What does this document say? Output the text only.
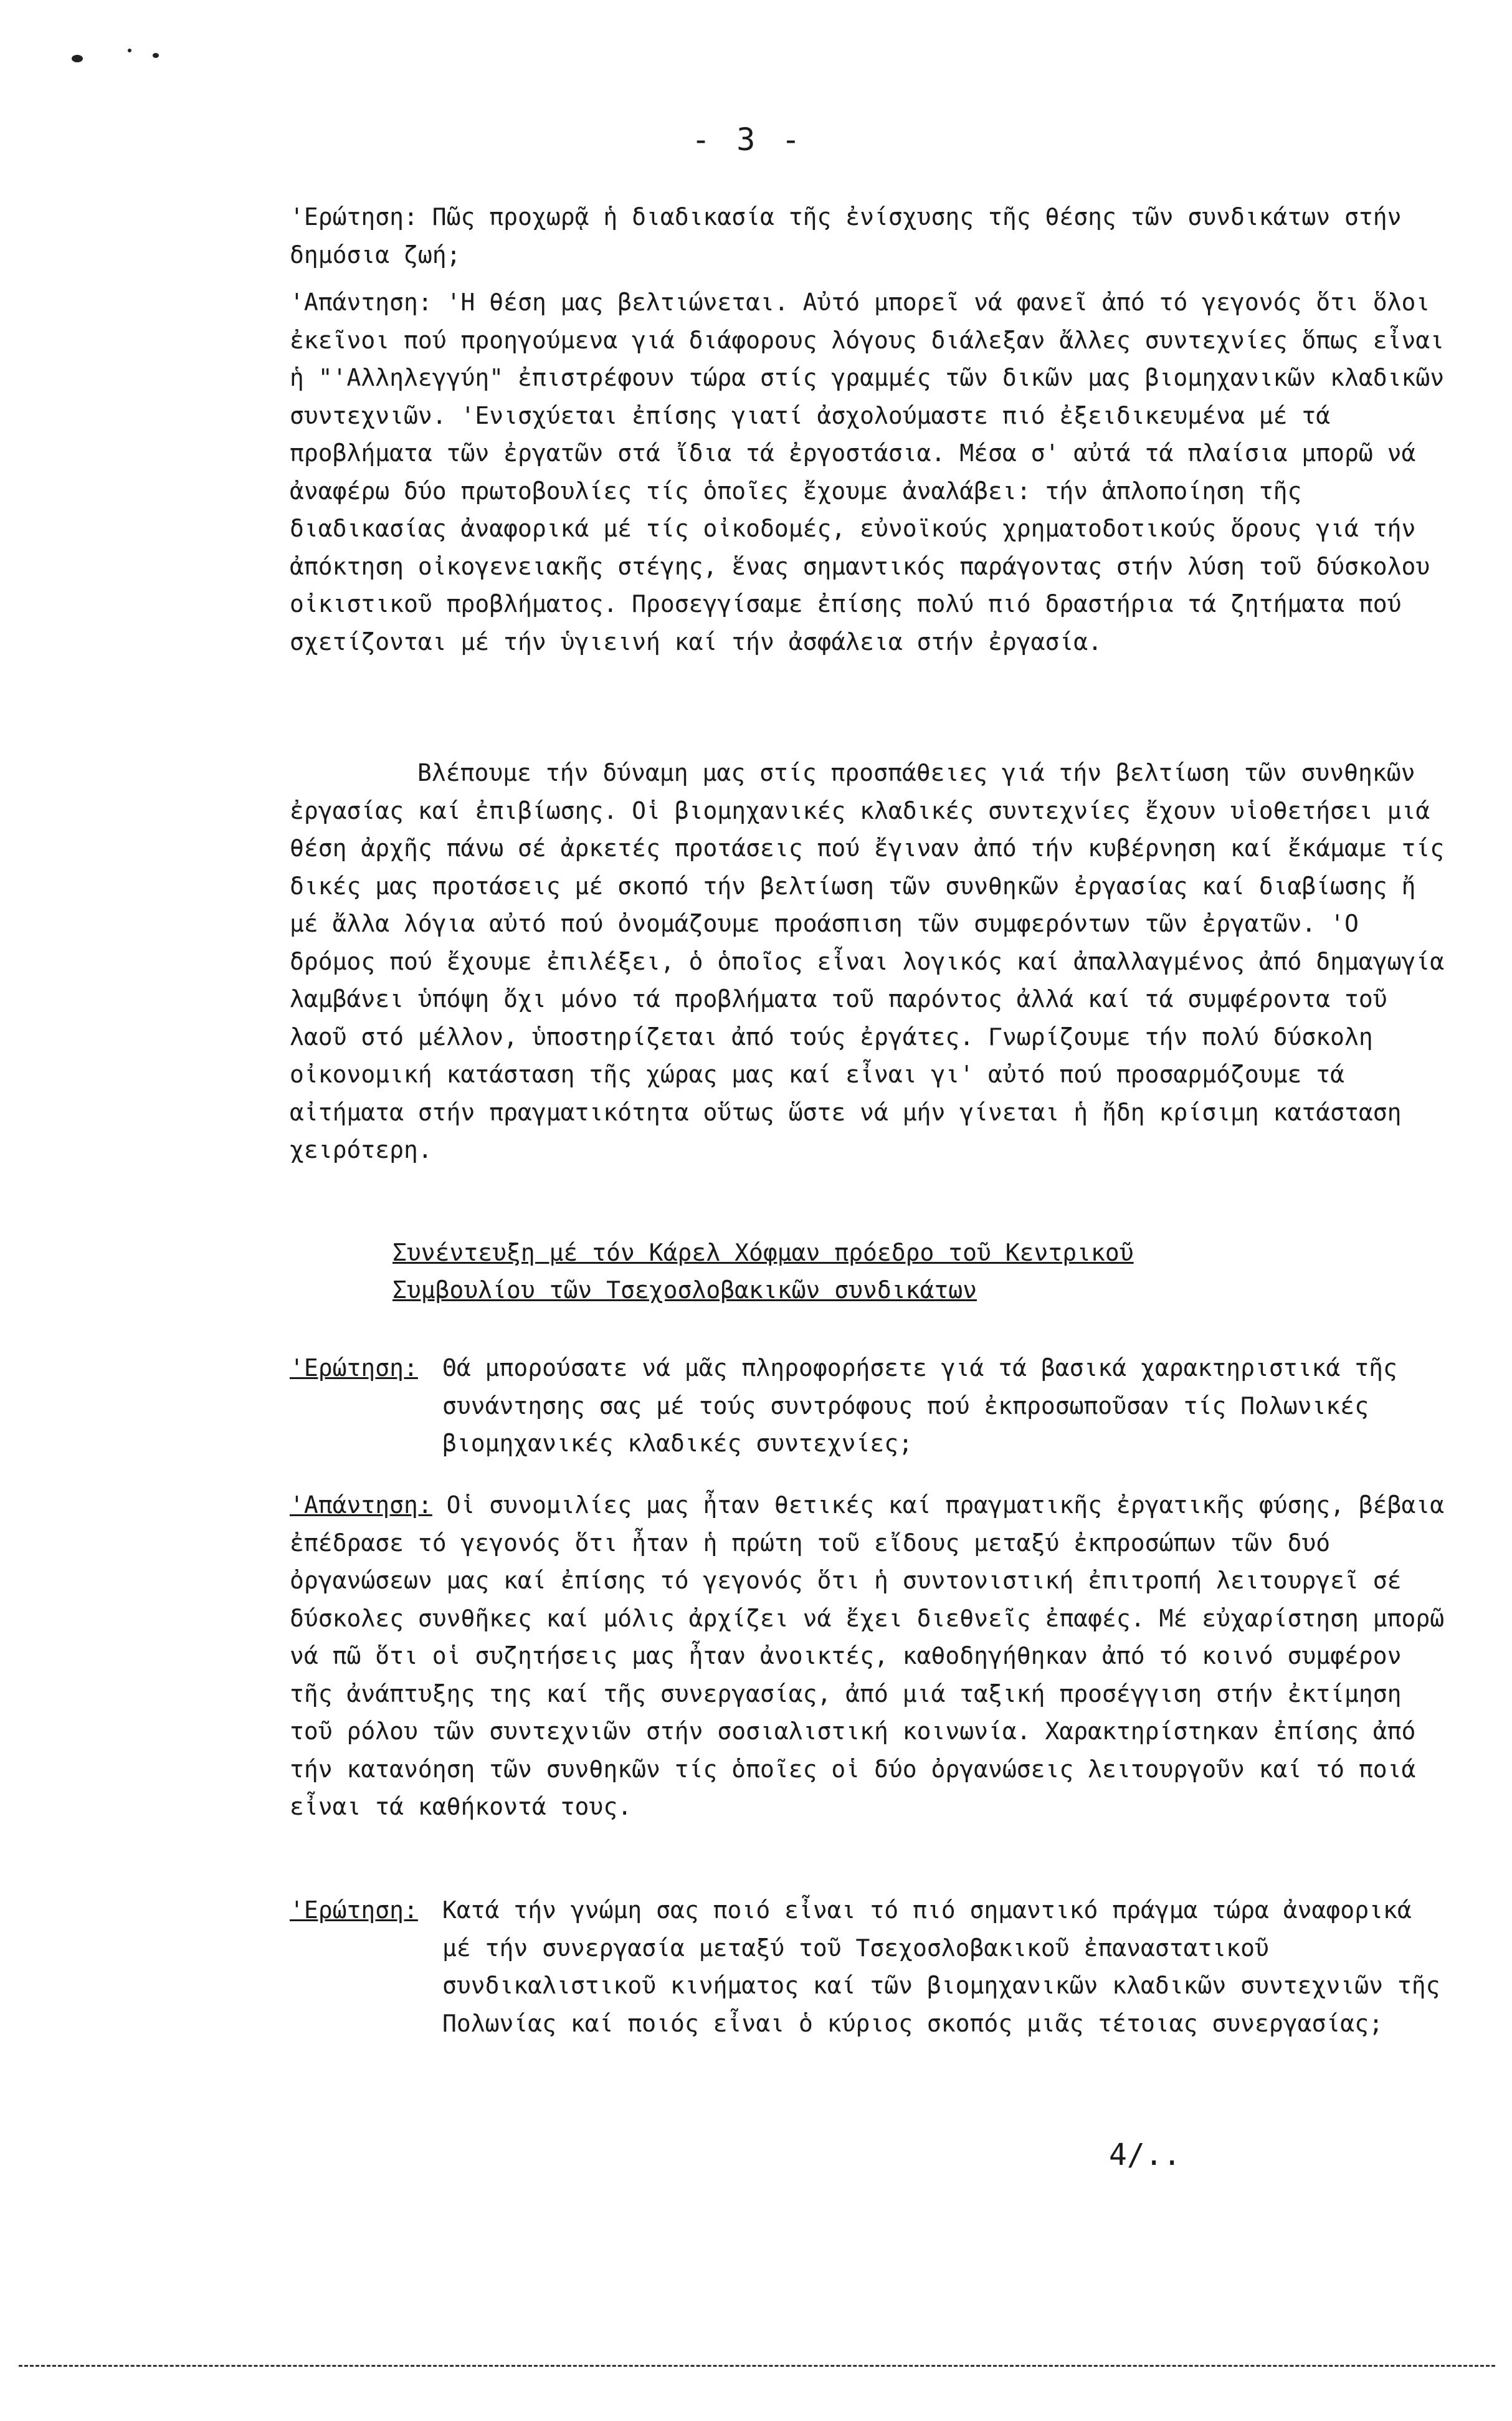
- 3 -
'Ερώτηση: Πῶς προχωρᾷ ἡ διαδικασία τῆς ἐνίσχυσης τῆς θέσης τῶν συνδικάτων στήν δημόσια ζωή;
'Απάντηση: 'Η θέση μας βελτιώνεται. Αὐτό μπορεῖ νά φανεῖ ἀπό τό γεγονός ὅτι ὅλοι ἐκεῖνοι πού προηγούμενα γιά διάφορους λόγους διάλεξαν ἄλλες συντεχνίες ὅπως εἶναι ἡ "'Αλληλεγγύη" ἐπιστρέφουν τώρα στίς γραμμές τῶν δικῶν μας βιομηχανικῶν κλαδικῶν συντεχνιῶν. 'Ενισχύεται ἐπίσης γιατί ἀσχολούμαστε πιό ἐξειδικευμένα μέ τά προβλήματα τῶν ἐργατῶν στά ἴδια τά ἐργοστάσια. Μέσα σ' αὐτά τά πλαίσια μπορῶ νά ἀναφέρω δύο πρωτοβουλίες τίς ὁποῖες ἔχουμε ἀναλάβει: τήν ἁπλοποίηση τῆς διαδικασίας ἀναφορικά μέ τίς οἰκοδομές, εὐνοϊκούς χρηματοδοτικούς ὅρους γιά τήν ἀπόκτηση οἰκογενειακῆς στέγης, ἕνας σημαντικός παράγοντας στήν λύση τοῦ δύσκολου οἰκιστικοῦ προβλήματος. Προσεγγίσαμε ἐπίσης πολύ πιό δραστήρια τά ζητήματα πού σχετίζονται μέ τήν ὑγιεινή καί τήν ἀσφάλεια στήν ἐργασία.
Βλέπουμε τήν δύναμη μας στίς προσπάθειες γιά τήν βελτίωση τῶν συνθηκῶν ἐργασίας καί ἐπιβίωσης. Οἱ βιομηχανικές κλαδικές συντεχνίες ἔχουν υἱοθετήσει μιά θέση ἀρχῆς πάνω σέ ἀρκετές προτάσεις πού ἔγιναν ἀπό τήν κυβέρνηση καί ἔκάμαμε τίς δικές μας προτάσεις μέ σκοπό τήν βελτίωση τῶν συνθηκῶν ἐργασίας καί διαβίωσης ἤ μέ ἄλλα λόγια αὐτό πού ὀνομάζουμε προάσπιση τῶν συμφερόντων τῶν ἐργατῶν. 'Ο δρόμος πού ἔχουμε ἐπιλέξει, ὁ ὁποῖος εἶναι λογικός καί ἀπαλλαγμένος ἀπό δημαγωγία λαμβάνει ὑπόψη ὄχι μόνο τά προβλήματα τοῦ παρόντος ἀλλά καί τά συμφέροντα τοῦ λαοῦ στό μέλλον, ὑποστηρίζεται ἀπό τούς ἐργάτες. Γνωρίζουμε τήν πολύ δύσκολη οἰκονομική κατάσταση τῆς χώρας μας καί εἶναι γι' αὐτό πού προσαρμόζουμε τά αἰτήματα στήν πραγματικότητα οὕτως ὥστε νά μήν γίνεται ἡ ἤδη κρίσιμη κατάσταση χειρότερη.
Συνέντευξη μέ τόν Κάρελ Χόφμαν πρόεδρο τοῦ Κεντρικοῦ
Συμβουλίου τῶν Τσεχοσλοβακικῶν συνδικάτων
'Ερώτηση: Θά μπορούσατε νά μᾶς πληροφορήσετε γιά τά βασικά χαρακτηριστικά τῆς συνάντησης σας μέ τούς συντρόφους πού ἐκπροσωποῦσαν τίς Πολωνικές βιομηχανικές κλαδικές συντεχνίες;
'Απάντηση: Οἱ συνομιλίες μας ἦταν θετικές καί πραγματικῆς ἐργατικῆς φύσης, βέβαια ἐπέδρασε τό γεγονός ὅτι ἦταν ἡ πρώτη τοῦ εἴδους μεταξύ ἐκπροσώπων τῶν δυό ὀργανώσεων μας καί ἐπίσης τό γεγονός ὅτι ἡ συντονιστική ἐπιτροπή λειτουργεῖ σέ δύσκολες συνθῆκες καί μόλις ἀρχίζει νά ἔχει διεθνεῖς ἐπαφές. Μέ εὐχαρίστηση μπορῶ νά πῶ ὅτι οἱ συζητήσεις μας ἦταν ἀνοικτές, καθοδηγήθηκαν ἀπό τό κοινό συμφέρον τῆς ἀνάπτυξης της καί τῆς συνεργασίας, ἀπό μιά ταξική προσέγγιση στήν ἐκτίμηση τοῦ ρόλου τῶν συντεχνιῶν στήν σοσιαλιστική κοινωνία. Χαρακτηρίστηκαν ἐπίσης ἀπό τήν κατανόηση τῶν συνθηκῶν τίς ὁποῖες οἱ δύο ὀργανώσεις λειτουργοῦν καί τό ποιά εἶναι τά καθήκοντά τους.
'Ερώτηση: Κατά τήν γνώμη σας ποιό εἶναι τό πιό σημαντικό πράγμα τώρα ἀναφορικά μέ τήν συνεργασία μεταξύ τοῦ Τσεχοσλοβακικοῦ ἐπαναστατικοῦ συνδικαλιστικοῦ κινήματος καί τῶν βιομηχανικῶν κλαδικῶν συντεχνιῶν τῆς Πολωνίας καί ποιός εἶναι ὁ κύριος σκοπός μιᾶς τέτοιας συνεργασίας;
4/..
